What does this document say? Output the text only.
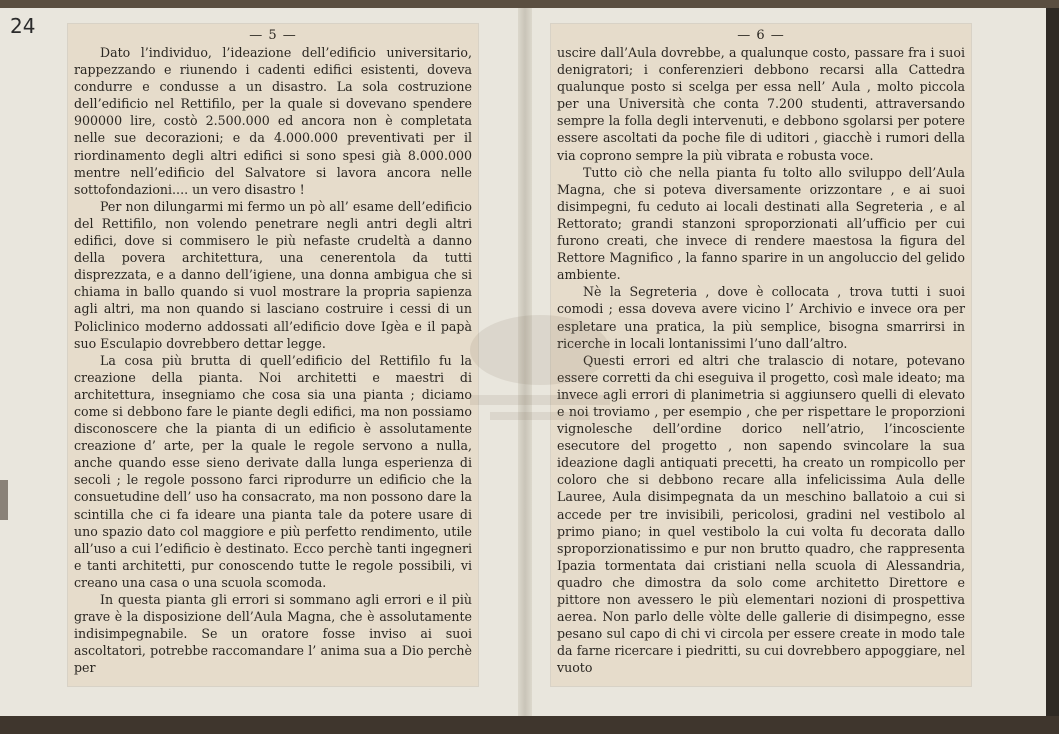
24	— 5 —

Dato l’individuo, l’ideazione dell’edificio universitario, rappezzando e riunendo i cadenti edifici esistenti, doveva condurre e condusse a un disastro. La sola costruzione dell’edificio nel Rettifilo, per la quale si dovevano spendere 900000 lire, costò 2.500.000 ed ancora non è completata nelle sue decorazioni; e da 4.000.000 preventivati per il riordinamento degli altri edifici si sono spesi già 8.000.000 mentre nell’edificio del Salvatore si lavora ancora nelle sottofondazioni.... un vero disastro !

Per non dilungarmi mi fermo un pò all’ esame dell’edificio del Rettifilo, non volendo penetrare negli antri degli altri edifici, dove si commisero le più nefaste crudeltà a danno della povera architettura, una cenerentola da tutti disprezzata, e a danno dell’igiene, una donna ambigua che si chiama in ballo quando si vuol mostrare la propria sapienza agli altri, ma non quando si lasciano costruire i cessi di un Policlinico moderno addossati all’edificio dove Igèa e il papà suo Esculapio dovrebbero dettar legge.

La cosa più brutta di quell’edificio del Rettifilo fu la creazione della pianta. Noi architetti e maestri di architettura, insegniamo che cosa sia una pianta ; diciamo come si debbono fare le piante degli edifici, ma non possiamo disconoscere che la pianta di un edificio è assolutamente creazione d’ arte, per la quale le regole servono a nulla, anche quando esse sieno derivate dalla lunga esperienza di secoli ; le regole possono farci riprodurre un edificio che la consuetudine dell’ uso ha consacrato, ma non possono dare la scintilla che ci fa ideare una pianta tale da potere usare di uno spazio dato col maggiore e più perfetto rendimento, utile all’uso a cui l’edificio è destinato. Ecco perchè tanti ingegneri e tanti architetti, pur conoscendo tutte le regole possibili, vi creano una casa o una scuola scomoda.

In questa pianta gli errori si sommano agli errori e il più grave è la disposizione dell’Aula Magna, che è assolutamente indisimpegnabile. Se un oratore fosse inviso ai suoi ascoltatori, potrebbe raccomandare l’ anima sua a Dio perchè per

— 6 —

uscire dall’Aula dovrebbe, a qualunque costo, passare fra i suoi denigratori; i conferenzieri debbono recarsi alla Cattedra qualunque posto si scelga per essa nell’ Aula , molto piccola per una Università che conta 7.200 studenti, attraversando sempre la folla degli intervenuti, e debbono sgolarsi per potere essere ascoltati da poche file di uditori , giacchè i rumori della via coprono sempre la più vibrata e robusta voce.

Tutto ciò che nella pianta fu tolto allo sviluppo dell’Aula Magna, che si poteva diversamente orizzontare , e ai suoi disimpegni, fu ceduto ai locali destinati alla Segreteria , e al Rettorato; grandi stanzoni sproporzionati all’ufficio per cui furono creati, che invece di rendere maestosa la figura del Rettore Magnifico , la fanno sparire in un angoluccio del gelido ambiente.

Nè la Segreteria , dove è collocata , trova tutti i suoi comodi ; essa doveva avere vicino l’ Archivio e invece ora per espletare una pratica, la più semplice, bisogna smarrirsi in ricerche in locali lontanissimi l’uno dall’altro.

Questi errori ed altri che tralascio di notare, potevano essere corretti da chi eseguiva il progetto, così male ideato; ma invece agli errori di planimetria si aggiunsero quelli di elevato e noi troviamo , per esempio , che per rispettare le proporzioni vignolesche dell’ordine dorico nell’atrio, l’incosciente esecutore del progetto , non sapendo svincolare la sua ideazione dagli antiquati precetti, ha creato un rompicollo per coloro che si debbono recare alla infelicissima Aula delle Lauree, Aula disimpegnata da un meschino ballatoio a cui si accede per tre invisibili, pericolosi, gradini nel vestibolo al primo piano; in quel vestibolo la cui volta fu decorata dallo sproporzionatissimo e pur non brutto quadro, che rappresenta Ipazia tormentata dai cristiani nella scuola di Alessandria, quadro che dimostra da solo come architetto Direttore e pittore non avessero le più elementari nozioni di prospettiva aerea. Non parlo delle vòlte delle gallerie di disimpegno, esse pesano sul capo di chi vi circola per essere create in modo tale da farne ricercare i piedritti, su cui dovrebbero appoggiare, nel vuoto
